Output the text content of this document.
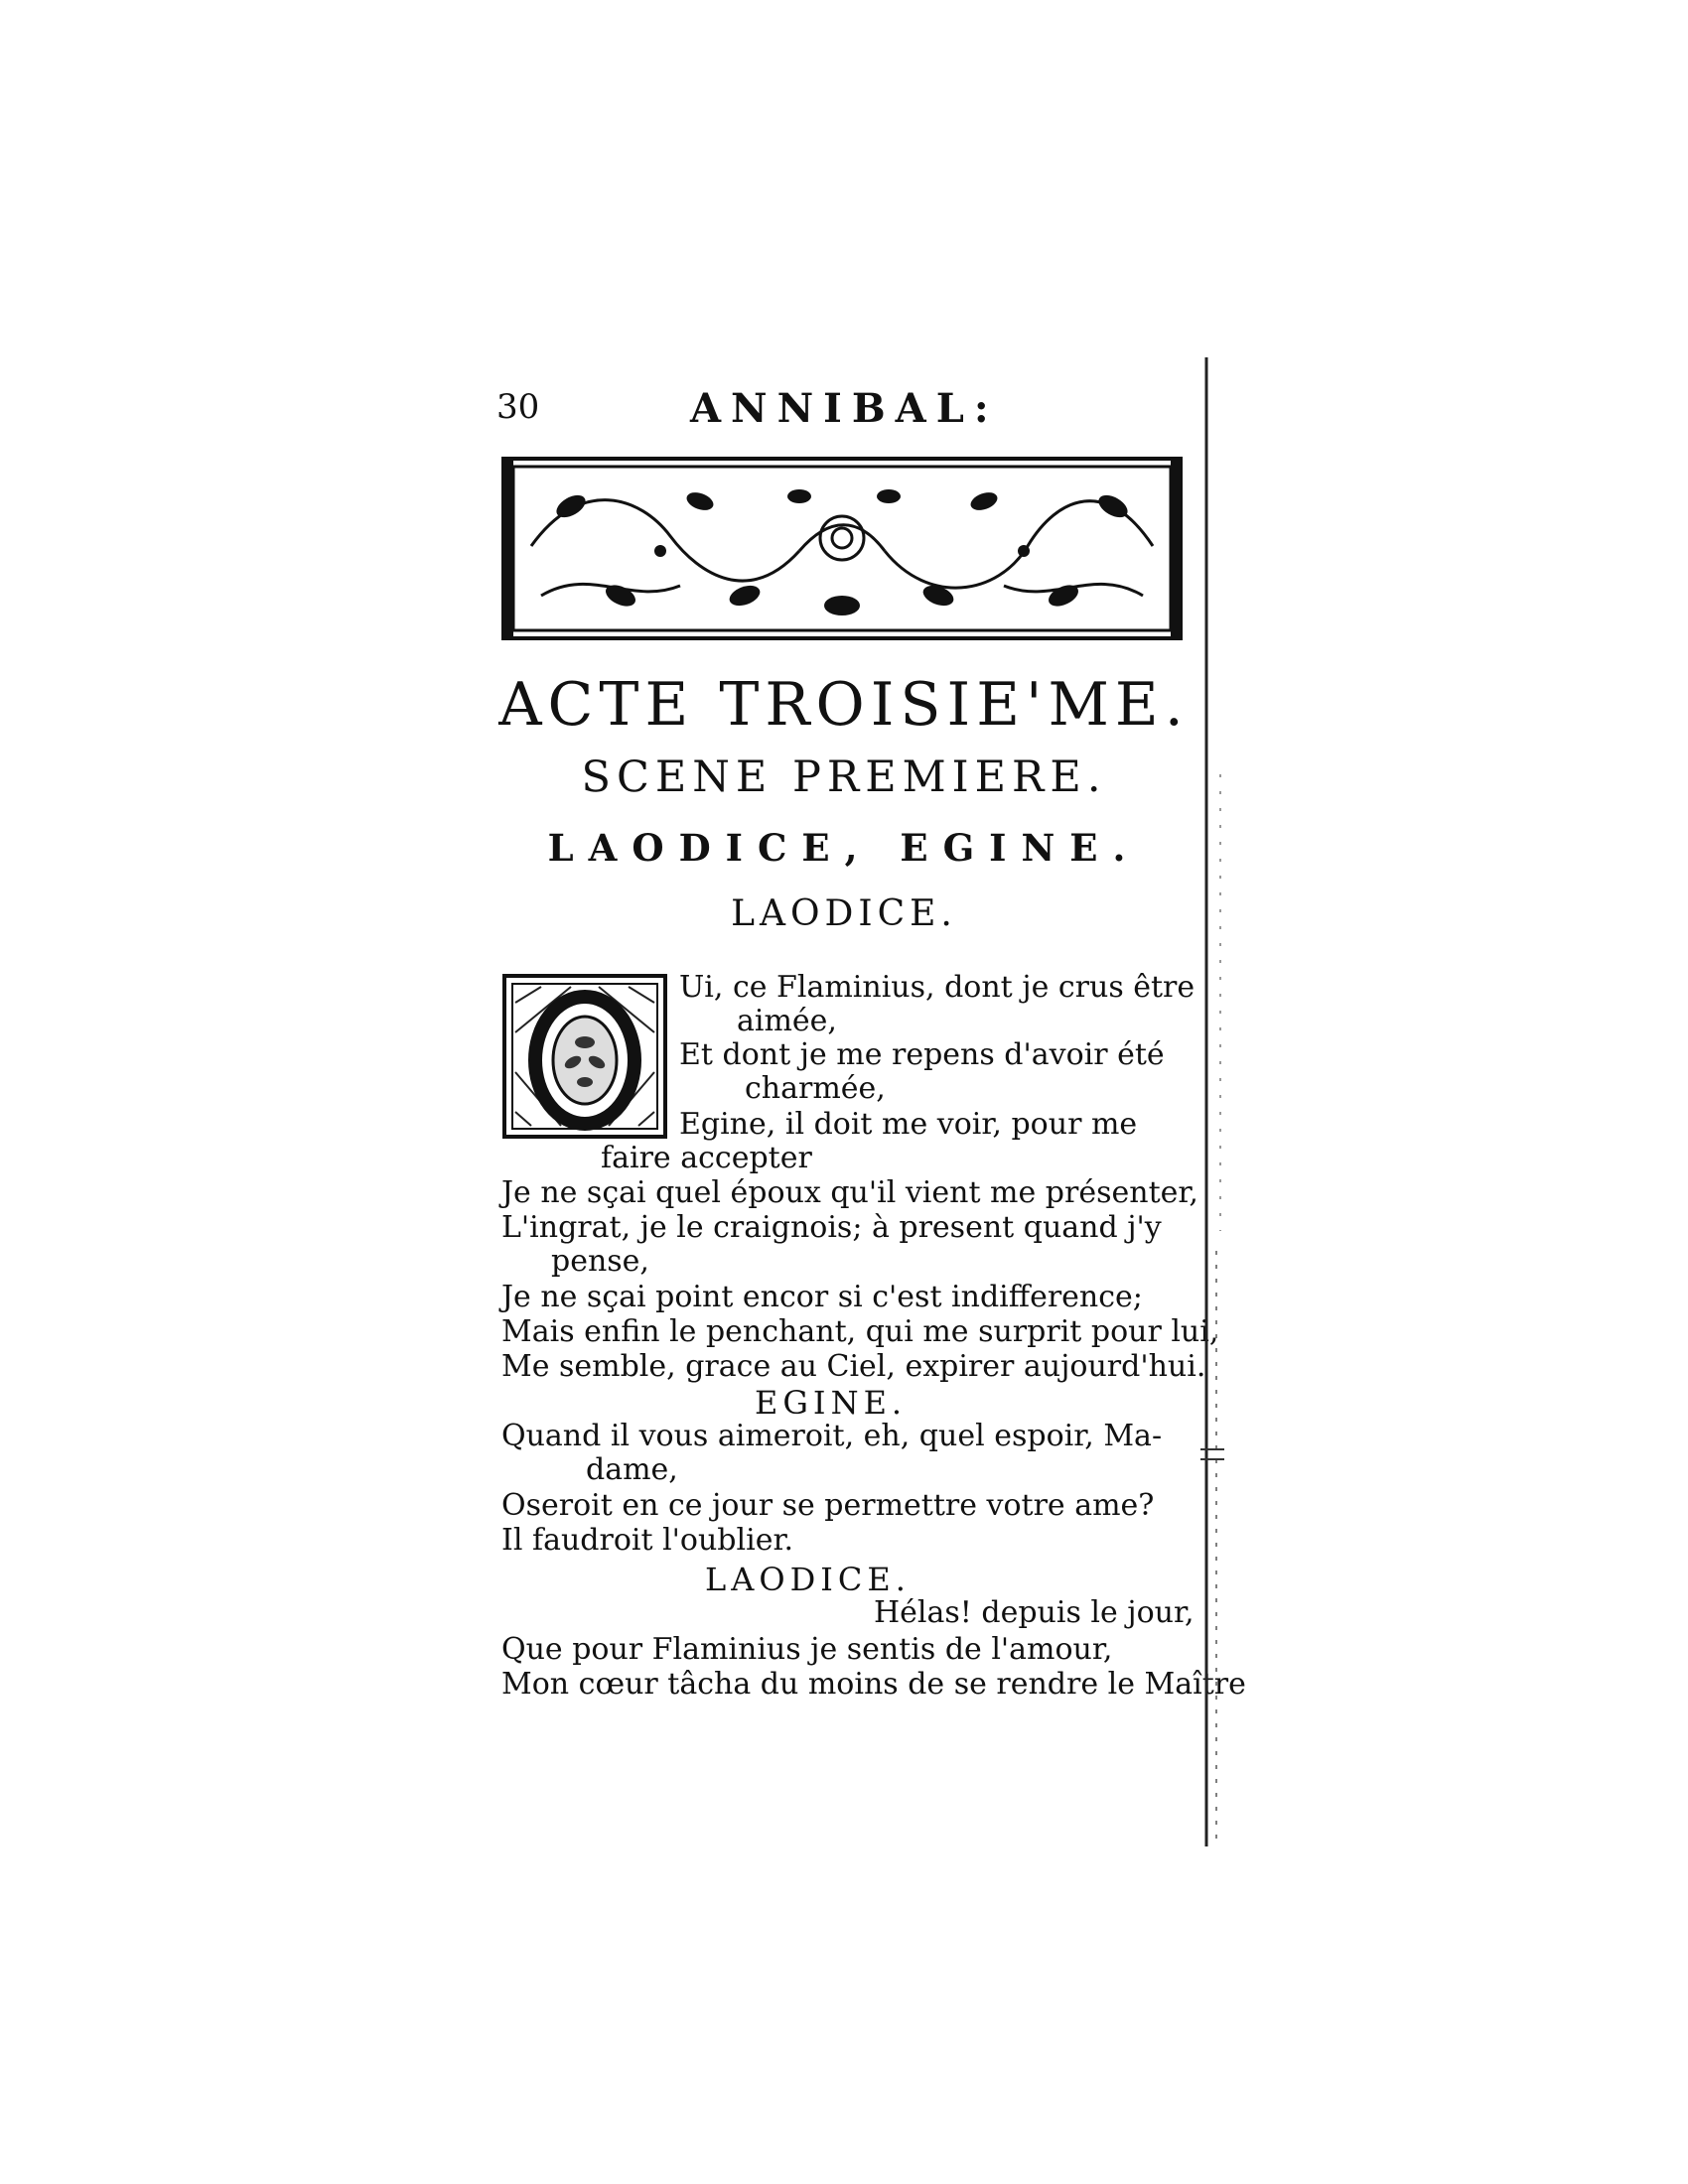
30	ANNIBAL:
ACTE TROISIE'ME.
SCENE PREMIERE.
LAODICE, EGINE.
LAODICE.
Ui, ce Flaminius, dont je crus être
aimée,
Et dont je me repens d'avoir été
charmée,
Egine, il doit me voir, pour me
faire accepter
Je ne sçai quel époux qu'il vient me présenter,
L'ingrat, je le craignois; à present quand j'y
pense,
Je ne sçai point encor si c'est indifference;
Mais enfin le penchant, qui me surprit pour lui,
Me semble, grace au Ciel, expirer aujourd'hui.
EGINE.
Quand il vous aimeroit, eh, quel espoir, Ma-
dame,
Oseroit en ce jour se permettre votre ame?
Il faudroit l'oublier.
LAODICE.
Hélas! depuis le jour,
Que pour Flaminius je sentis de l'amour,
Mon cœur tâcha du moins de se rendre le Maître
